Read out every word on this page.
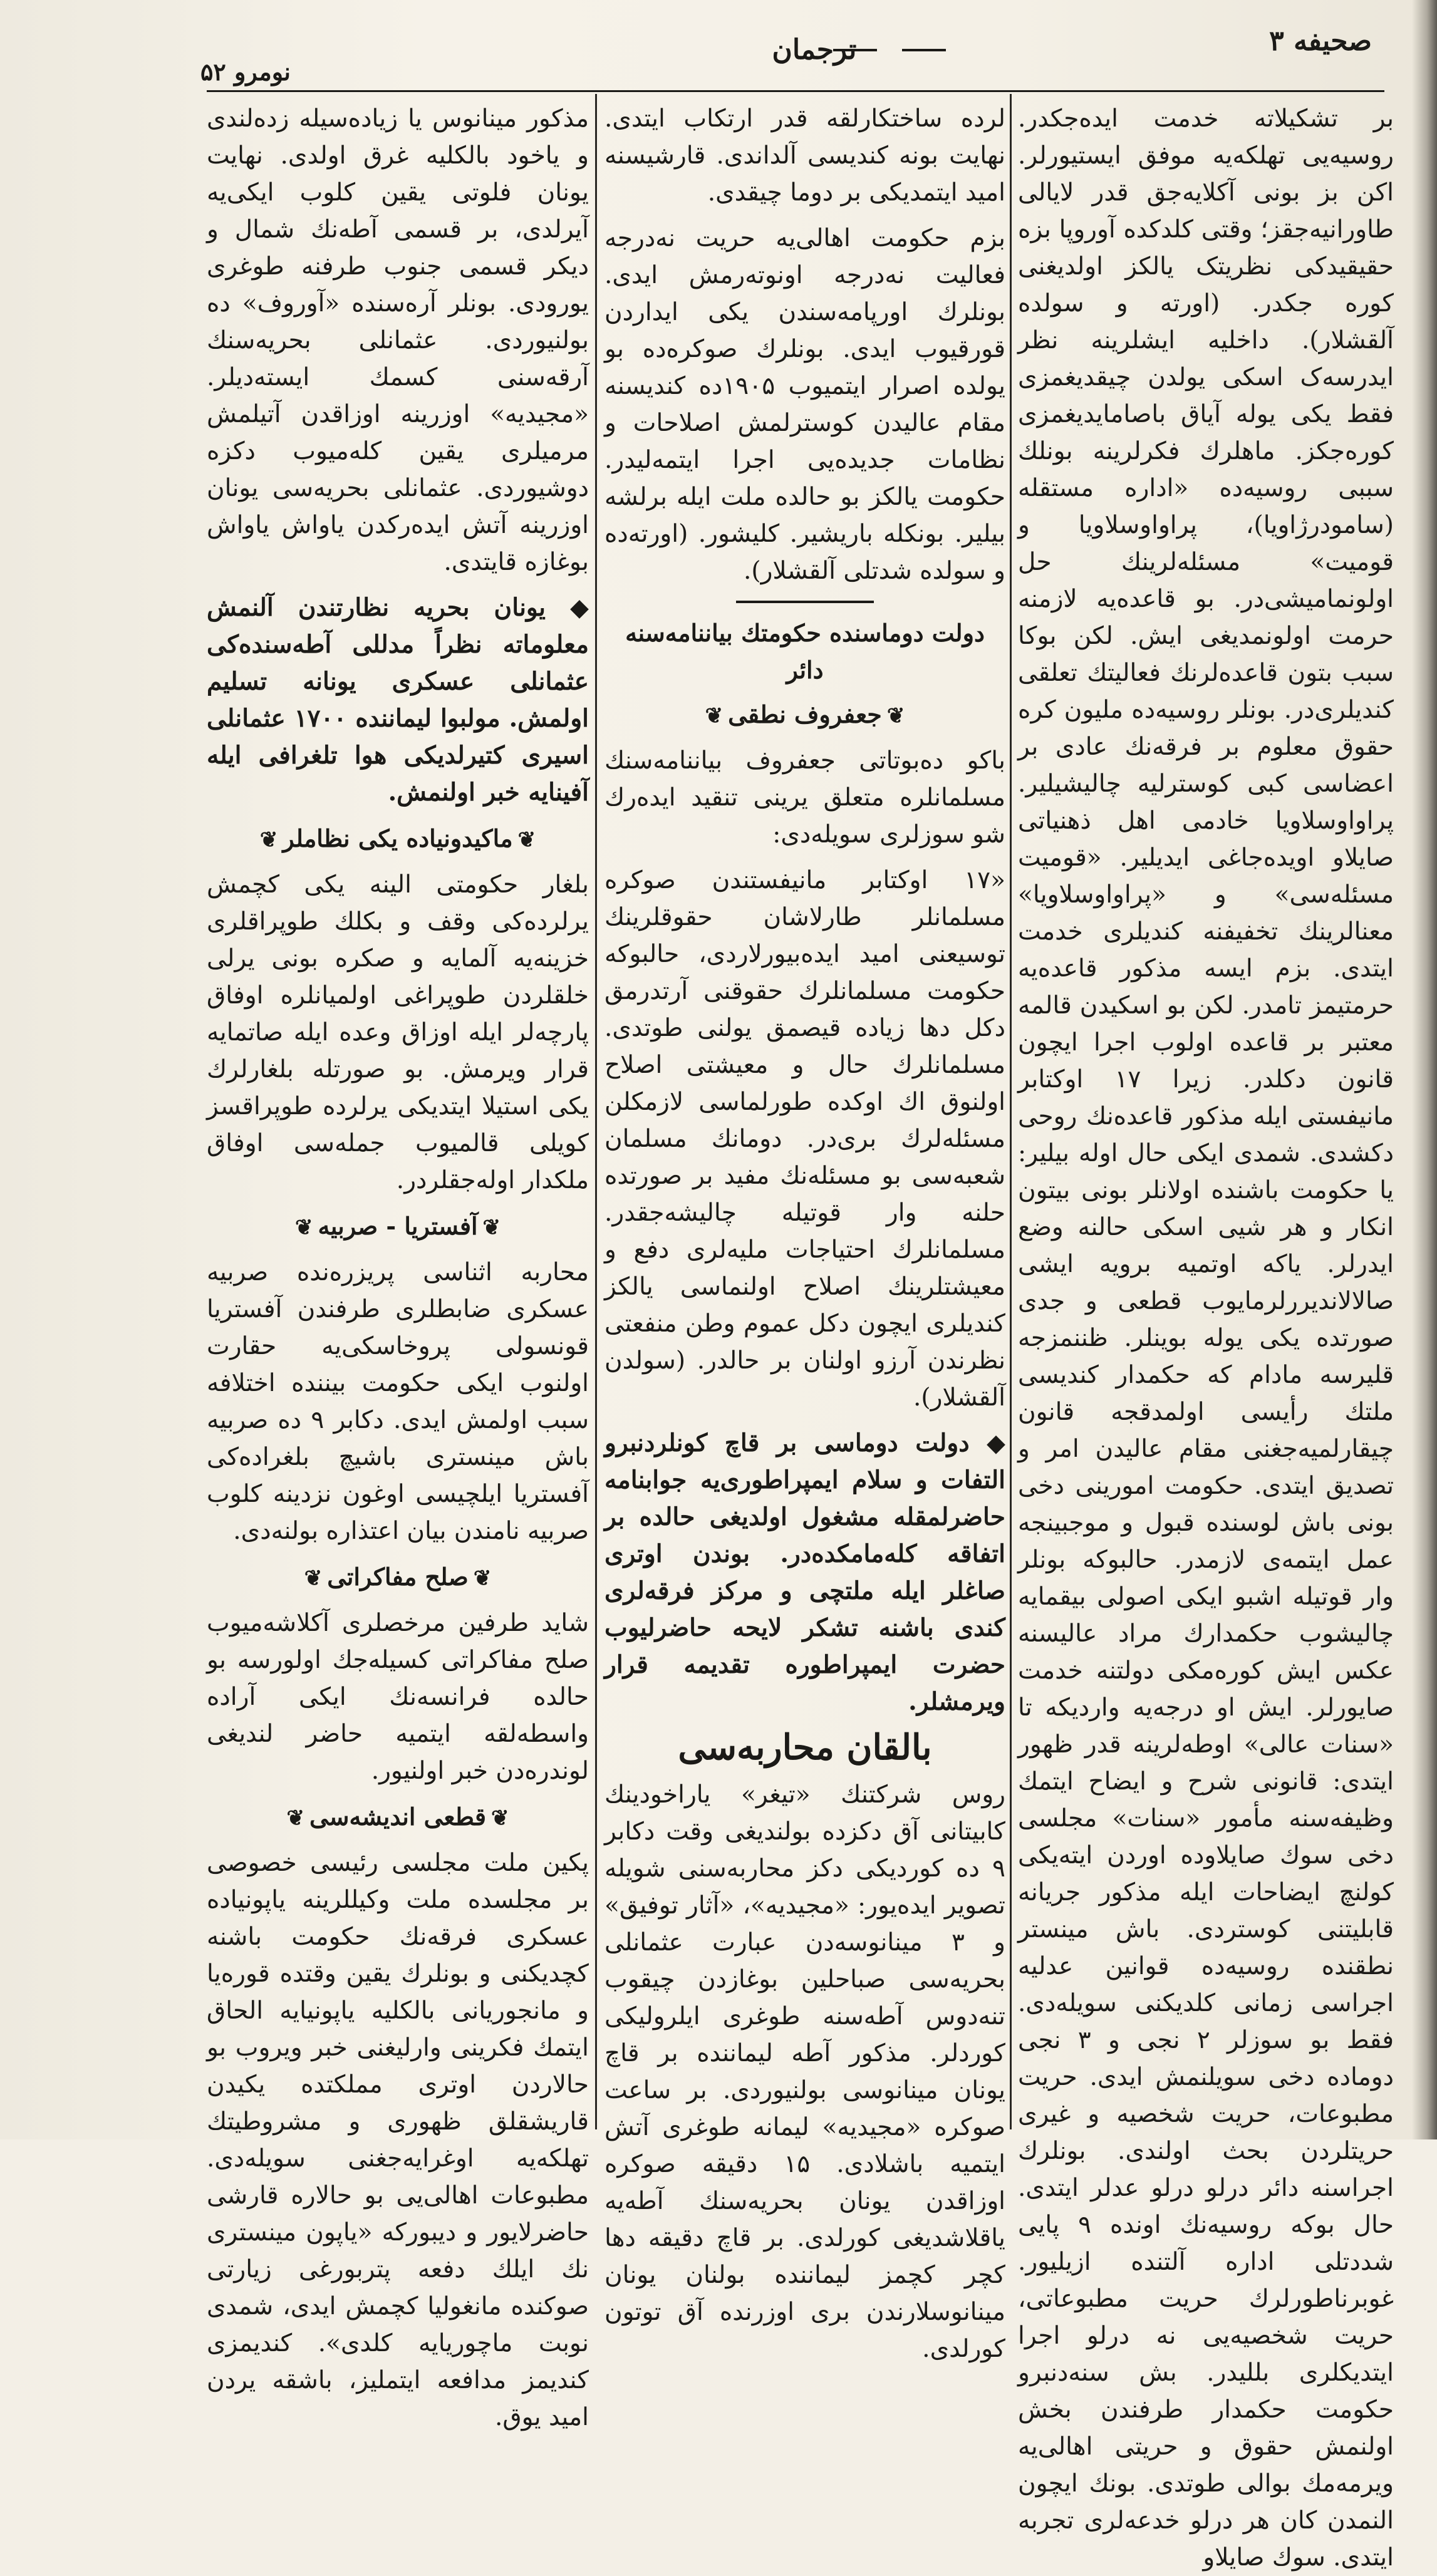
صحیفه ۳
ترجمان
نومرو ۵۲

بر تشکیلاته خدمت ایده‌جکدر. روسیه‌یی تهلکه‌یه موفق ایستیورلر. اکن بز بونی آکلایه‌جق قدر لایالی طاورانیه‌جقز؛ وقتی کلدکده آوروپا بزه حقیقیدکی نظریتک یالکز اولدیغنی کوره جکدر. (اورته و سولده آلقشلار). داخلیه ایشلرینه نظر ایدرسه‌ک اسکی یولدن چیقدیغمزی فقط یکی یوله آیاق باصامایدیغمزی کوره‌جکز. ماهلرك فکرلرینه بونلك سببی روسیه‌ده «اداره مستقله (سامودرژاویا)، پراواوسلاویا و قومیت» مسئله‌لرینك حل اولونمامیشی‌در. بو قاعده‌یه لازمنه حرمت اولونمدیغی ایش. لکن بوکا سبب بتون قاعده‌لرنك فعالیتك تعلقی کندیلری‌در. بونلر روسیه‌ده ملیون کره حقوق معلوم بر فرقه‌نك عادی بر اعضاسی کبی کوسترلیه چالیشیلیر. پراواوسلاویا خادمی اهل ذهنیاتی صایلاو اویده‌جاغی ایدیلیر. «قومیت مسئله‌سی» و «پراواوسلاویا» معنالرینك تخفیفنه کندیلری خدمت ایتدی. بزم ایسه مذکور قاعده‌یه حرمتیمز تامدر. لکن بو اسکیدن قالمه معتبر بر قاعده اولوب اجرا ایچون قانون دکلدر. زیرا ۱۷ اوکتابر مانیفستی ایله مذکور قاعده‌نك روحی دکشدی. شمدی ایکی حال اوله بیلیر: یا حکومت باشنده اولانلر بونی بیتون انکار و هر شیی اسکی حالنه وضع ایدرلر. یاکه اوتمیه برویه ایشی صالالاندیررلرمایوب قطعی و جدی صورتده یکی یوله بوینلر. ظننمزجه قلیرسه مادام که حکمدار کندیسی ملتك رأیسی اولمدقجه قانون چیقارلمیه‌جغنی مقام عالیدن امر و تصدیق ایتدی. حکومت امورینی دخی بونی باش لوسنده قبول و موجبینجه عمل ایتمه‌ی لازمدر. حالبوکه بونلر وار قوتیله اشبو ایکی اصولی بیقمایه چالیشوب حکمدارك مراد عالیسنه عکس ایش کوره‌مکی دولتنه خدمت صایورلر. ایش او درجه‌یه واردیکه تا «سنات عالی» اوطه‌لرینه قدر ظهور ایتدی: قانونی شرح و ایضاح ایتمك وظیفه‌سنه مأمور «سنات» مجلسی دخی سوك صایلاوده اوردن ایته‌یکی کولنچ ایضاحات ایله مذکور جریانه قابلیتنی کوستردی. باش مینستر نطقنده روسیه‌ده قوانین عدلیه اجراسی زمانی کلدیکنی سویله‌دی. فقط بو سوزلر ۲ نجی و ۳ نجی دوماده دخی سویلنمش ایدی. حریت مطبوعات، حریت شخصیه و غیری حریتلردن بحث اولندی. بونلرك اجراسنه دائر درلو درلو عدلر ایتدی. حال بوکه روسیه‌نك اونده ۹ پایی شددتلی اداره آلتنده ازیلیور. غوبرناطورلرك حریت مطبوعاتی، حریت شخصیه‌یی نه درلو اجرا ایتدیکلری بللیدر. بش سنه‌دنبرو حکومت حکمدار طرفندن بخش اولنمش حقوق و حریتی اهالی‌یه ویرمه‌مك بوالی طوتدی. بونك ایچون النمدن کان هر درلو خدعه‌لری تجربه ایتدی. سوك صایلاو

لرده ساختکارلقه قدر ارتکاب ایتدی. نهایت بونه کندیسی آلداندی. قارشیسنه امید ایتمدیکی بر دوما چیقدی.

بزم حکومت اهالی‌یه حریت نه‌درجه فعالیت نه‌درجه اونوته‌رمش ایدی. بونلرك اورپامه‌سندن یکی ایداردن قورقیوب ایدی. بونلرك صوکره‌ده بو یولده اصرار ایتمیوب ۱۹۰۵ده کندیسنه مقام عالیدن کوسترلمش اصلاحات و نظامات جدیده‌یی اجرا ایتمه‌لیدر. حکومت یالکز بو حالده ملت ایله برلشه بیلیر. بونکله باریشیر. کلیشور. (اورته‌ده و سولده شدتلی آلقشلار).

دولت دوماسنده حکومتك بیاننامه‌سنه دائر
❦جعفروف نطقی❦

باکو ده‌بوتاتی جعفروف بیاننامه‌سنك مسلمانلره متعلق یرینی تنقید ایده‌رك شو سوزلری سویله‌دی:

«۱۷ اوکتابر مانیفستندن صوکره مسلمانلر طارلاشان حقوقلرینك توسیعنی امید ایده‌بیورلاردی، حالبوکه حکومت مسلمانلرك حقوقنی آرتدرمق دکل دها زیاده قیصمق یولنی طوتدی. مسلمانلرك حال و معیشتی اصلاح اولنوق اك اوکده طورلماسی لازمکلن مسئله‌لرك بری‌در. دومانك مسلمان شعبه‌سی بو مسئله‌نك مفید بر صورتده حلنه وار قوتیله چالیشه‌جقدر. مسلمانلرك احتیاجات ملیه‌لری دفع و معیشتلرینك اصلاح اولنماسی یالکز کندیلری ایچون دکل عموم وطن منفعتی نظرندن آرزو اولنان بر حالدر. (سولدن آلقشلار).

◆ دولت دوماسی بر قاچ کونلردنبرو التفات و سلام ایمپراطوری‌یه جوابنامه حاضرلمقله مشغول اولدیغی حالده بر اتفاقه کله‌مامکده‌در. بوندن اوتری صاغلر ایله ملتچی و مرکز فرقه‌لری کندی باشنه تشکر لایحه حاضرلیوب حضرت ایمپراطوره تقدیمه قرار ویرمشلر.

بالقان محاربه‌سی

روس شرکتنك «تیغر» یاراخودینك کابیتانی آق دکزده بولندیغی وقت دکابر ۹ ده کوردیکی دکز محاربه‌سنی شویله تصویر ایده‌یور: «مجیدیه»، «آثار توفیق» و ۳ مینانوسه‌دن عبارت عثمانلی بحریه‌سی صباحلین بوغازدن چیقوب تنه‌دوس آطه‌سنه طوغری ایلرولیکی کوردلر. مذکور آطه لیماننده بر قاچ یونان مینانوسی بولنیوردی. بر ساعت صوکره «مجیدیه» لیمانه طوغری آتش ایتمیه باشلادی. ۱۵ دقیقه صوکره اوزاقدن یونان بحریه‌سنك آطه‌یه یاقلاشدیغی کورلدی. بر قاچ دقیقه دها کچر کچمز لیماننده بولنان یونان مینانوسلارندن بری اوزرنده آق توتون کورلدی.

مذکور مینانوس یا زیاده‌سیله زده‌لندی و یاخود بالکلیه غرق اولدی. نهایت یونان فلوتی یقین کلوب ایکی‌یه آیرلدی، بر قسمی آطه‌نك شمال و دیکر قسمی جنوب طرفنه طوغری یورودی. بونلر آره‌سنده «آوروف» ده بولنیوردی. عثمانلی بحریه‌سنك آرقه‌سنی کسمك ایسته‌دیلر. «مجیدیه» اوزرینه اوزاقدن آتیلمش مرمیلری یقین کله‌میوب دکزه دوشیوردی. عثمانلی بحریه‌سی یونان اوزرینه آتش ایده‌رکدن یاواش یاواش بوغازه قایتدی.

◆ یونان بحریه نظارتندن آلنمش معلوماته نظراً مدللی آطه‌سنده‌کی عثمانلی عسکری یونانه تسلیم اولمش. مولبوا لیماننده ۱۷۰۰ عثمانلی اسیری کتیرلدیکی هوا تلغرافی ایله آفینایه خبر اولنمش.

❦ماکیدونیاده یکی نظاملر❦

بلغار حکومتی الینه یکی کچمش یرلرده‌کی وقف و بکلك طوپراقلری خزینه‌یه آلمایه و صکره بونی یرلی خلقلردن طوپراغی اولمیانلره اوفاق پارچه‌لر ایله اوزاق وعده ایله صاتمایه قرار ویرمش. بو صورتله بلغارلرك یکی استیلا ایتدیکی یرلرده طوپراقسز کویلی قالمیوب جمله‌سی اوفاق ملکدار اوله‌جقلردر.

❦آفستریا - صربیه❦

محاربه اثناسی پریزره‌نده صربیه عسکری ضابطلری طرفندن آفستریا قونسولی پروخاسکی‌یه حقارت اولنوب ایکی حکومت بیننده اختلافه سبب اولمش ایدی. دکابر ۹ ده صربیه باش مینستری باشیچ بلغراده‌کی آفستریا ایلچیسی اوغون نزدینه کلوب صربیه نامندن بیان اعتذاره بولنه‌دی.

❦صلح مفاکراتی❦

شاید طرفین مرخصلری آکلاشه‌میوب صلح مفاکراتی کسیله‌جك اولورسه بو حالده فرانسه‌نك ایکی آراده واسطه‌لقه ایتمیه حاضر لندیغی لوندره‌دن خبر اولنیور.

❦قطعی اندیشه‌سی❦

پکین ملت مجلسی رئیسی خصوصی بر مجلسده ملت وکیللرینه یاپونیاده عسکری فرقه‌نك حکومت باشنه کچدیکنی و بونلرك یقین وقتده قوره‌یا و مانجوریانی بالکلیه یاپونیایه الحاق ایتمك فکرینی وارلیغنی خبر ویروب بو حالاردن اوتری مملکتده یکیدن قاریشقلق ظهوری و مشروطیتك تهلکه‌یه اوغرایه‌جغنی سویله‌دی. مطبوعات اهالی‌یی بو حالاره قارشی حاضرلایور و دیبورکه «یاپون مینستری نك ایلك دفعه پتربورغی زیارتی صوکنده مانغولیا کچمش ایدی، شمدی نوبت ماچوریایه کلدی». کندیمزی کندیمز مدافعه ایتملیز، باشقه یردن امید یوق.
